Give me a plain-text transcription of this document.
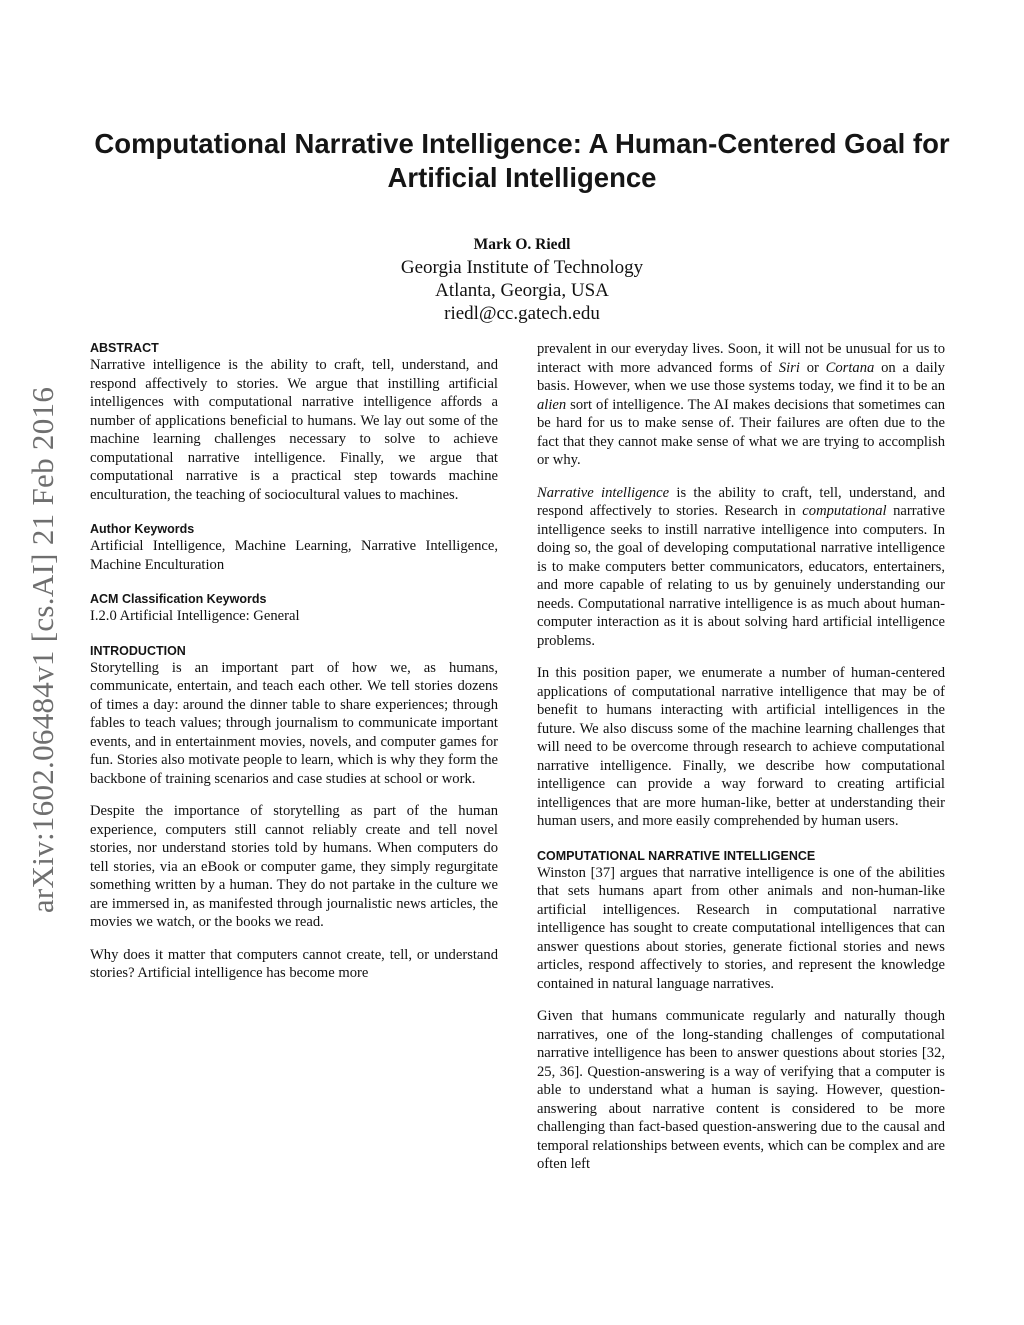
arXiv:1602.06484v1 [cs.AI] 21 Feb 2016
Computational Narrative Intelligence: A Human-Centered Goal for Artificial Intelligence
Mark O. Riedl
Georgia Institute of Technology
Atlanta, Georgia, USA
riedl@cc.gatech.edu
ABSTRACT

Narrative intelligence is the ability to craft, tell, understand, and respond affectively to stories. We argue that instilling artificial intelligences with computational narrative intelligence affords a number of applications beneficial to humans. We lay out some of the machine learning challenges necessary to solve to achieve computational narrative intelligence. Finally, we argue that computational narrative is a practical step towards machine enculturation, the teaching of sociocultural values to machines.

Author Keywords

Artificial Intelligence, Machine Learning, Narrative Intelligence, Machine Enculturation

ACM Classification Keywords

I.2.0 Artificial Intelligence: General

INTRODUCTION

Storytelling is an important part of how we, as humans, communicate, entertain, and teach each other. We tell stories dozens of times a day: around the dinner table to share experiences; through fables to teach values; through journalism to communicate important events, and in entertainment movies, novels, and computer games for fun. Stories also motivate people to learn, which is why they form the backbone of training scenarios and case studies at school or work.

Despite the importance of storytelling as part of the human experience, computers still cannot reliably create and tell novel stories, nor understand stories told by humans. When computers do tell stories, via an eBook or computer game, they simply regurgitate something written by a human. They do not partake in the culture we are immersed in, as manifested through journalistic news articles, the movies we watch, or the books we read.

Why does it matter that computers cannot create, tell, or understand stories? Artificial intelligence has become more

prevalent in our everyday lives. Soon, it will not be unusual for us to interact with more advanced forms of Siri or Cortana on a daily basis. However, when we use those systems today, we find it to be an alien sort of intelligence. The AI makes decisions that sometimes can be hard for us to make sense of. Their failures are often due to the fact that they cannot make sense of what we are trying to accomplish or why.

Narrative intelligence is the ability to craft, tell, understand, and respond affectively to stories. Research in computational narrative intelligence seeks to instill narrative intelligence into computers. In doing so, the goal of developing computational narrative intelligence is to make computers better communicators, educators, entertainers, and more capable of relating to us by genuinely understanding our needs. Computational narrative intelligence is as much about human-computer interaction as it is about solving hard artificial intelligence problems.

In this position paper, we enumerate a number of human-centered applications of computational narrative intelligence that may be of benefit to humans interacting with artificial intelligences in the future. We also discuss some of the machine learning challenges that will need to be overcome through research to achieve computational narrative intelligence. Finally, we describe how computational intelligence can provide a way forward to creating artificial intelligences that are more human-like, better at understanding their human users, and more easily comprehended by human users.

COMPUTATIONAL NARRATIVE INTELLIGENCE

Winston [37] argues that narrative intelligence is one of the abilities that sets humans apart from other animals and non-human-like artificial intelligences. Research in computational narrative intelligence has sought to create computational intelligences that can answer questions about stories, generate fictional stories and news articles, respond affectively to stories, and represent the knowledge contained in natural language narratives.

Given that humans communicate regularly and naturally though narratives, one of the long-standing challenges of computational narrative intelligence has been to answer questions about stories [32, 25, 36]. Question-answering is a way of verifying that a computer is able to understand what a human is saying. However, question-answering about narrative content is considered to be more challenging than fact-based question-answering due to the causal and temporal relationships between events, which can be complex and are often left
